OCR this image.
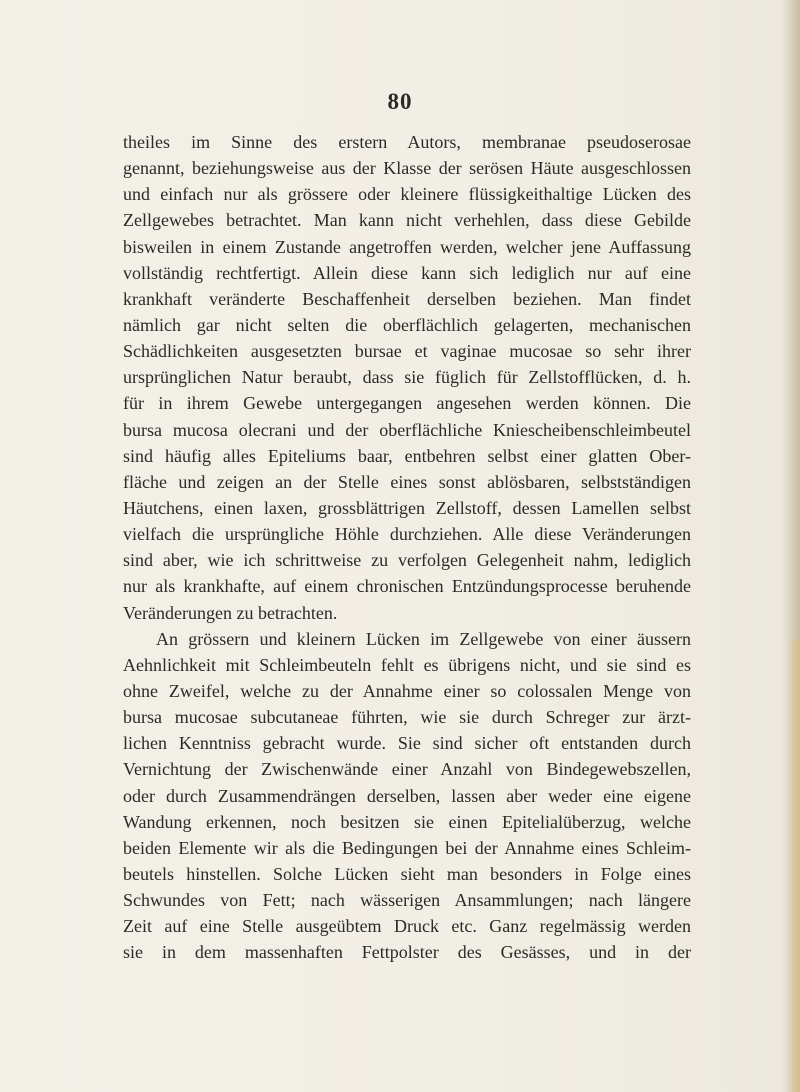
80
theiles im Sinne des erstern Autors, membranae pseudoserosae
genannt, beziehungsweise aus der Klasse der serösen Häute ausgeschlossen
und einfach nur als grössere oder kleinere flüssigkeithaltige Lücken des
Zellgewebes betrachtet. Man kann nicht verhehlen, dass diese Gebilde
bisweilen in einem Zustande angetroffen werden, welcher jene Auffassung
vollständig rechtfertigt. Allein diese kann sich lediglich nur auf eine
krankhaft veränderte Beschaffenheit derselben beziehen. Man findet
nämlich gar nicht selten die oberflächlich gelagerten, mechanischen
Schädlichkeiten ausgesetzten bursae et vaginae mucosae so sehr ihrer
ursprünglichen Natur beraubt, dass sie füglich für Zellstofflücken, d. h.
für in ihrem Gewebe untergegangen angesehen werden können. Die
bursa mucosa olecrani und der oberflächliche Kniescheibenschleimbeutel
sind häufig alles Epiteliums baar, entbehren selbst einer glatten Ober-
fläche und zeigen an der Stelle eines sonst ablösbaren, selbstständigen
Häutchens, einen laxen, grossblättrigen Zellstoff, dessen Lamellen selbst
vielfach die ursprüngliche Höhle durchziehen. Alle diese Veränderungen
sind aber, wie ich schrittweise zu verfolgen Gelegenheit nahm, lediglich
nur als krankhafte, auf einem chronischen Entzündungsprocesse beruhende
Veränderungen zu betrachten.
An grössern und kleinern Lücken im Zellgewebe von einer äussern
Aehnlichkeit mit Schleimbeuteln fehlt es übrigens nicht, und sie sind es
ohne Zweifel, welche zu der Annahme einer so colossalen Menge von
bursa mucosae subcutaneae führten, wie sie durch Schreger zur ärzt-
lichen Kenntniss gebracht wurde. Sie sind sicher oft entstanden durch
Vernichtung der Zwischenwände einer Anzahl von Bindegewebszellen,
oder durch Zusammendrängen derselben, lassen aber weder eine eigene
Wandung erkennen, noch besitzen sie einen Epitelialüberzug, welche
beiden Elemente wir als die Bedingungen bei der Annahme eines Schleim-
beutels hinstellen. Solche Lücken sieht man besonders in Folge eines
Schwundes von Fett; nach wässerigen Ansammlungen; nach längere
Zeit auf eine Stelle ausgeübtem Druck etc. Ganz regelmässig werden
sie in dem massenhaften Fettpolster des Gesässes, und in der
